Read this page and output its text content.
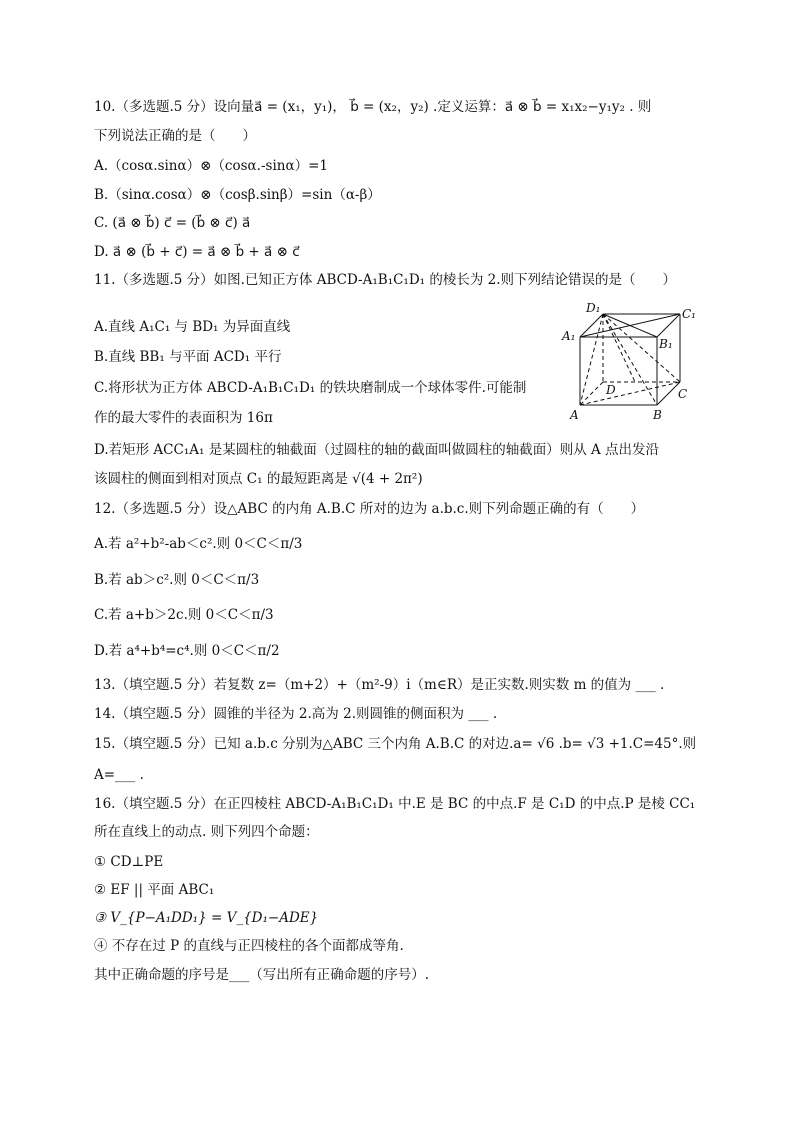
10.（多选题.5 分）设向量a⃗ = (x₁，y₁)， b⃗ = (x₂，y₂) .定义运算：a⃗ ⊗ b⃗ = x₁x₂−y₁y₂ . 则
下列说法正确的是（　　）
A.（cosα.sinα）⊗（cosα.-sinα）=1
B.（sinα.cosα）⊗（cosβ.sinβ）=sin（α-β）
C. (a⃗ ⊗ b⃗) c⃗ = (b⃗ ⊗ c⃗) a⃗
D. a⃗ ⊗ (b⃗ + c⃗) = a⃗ ⊗ b⃗ + a⃗ ⊗ c⃗
11.（多选题.5 分）如图.已知正方体 ABCD-A₁B₁C₁D₁ 的棱长为 2.则下列结论错误的是（　　）
A.直线 A₁C₁ 与 BD₁ 为异面直线
B.直线 BB₁ 与平面 ACD₁ 平行
C.将形状为正方体 ABCD-A₁B₁C₁D₁ 的铁块磨制成一个球体零件.可能制
作的最大零件的表面积为 16π
D.若矩形 ACC₁A₁ 是某圆柱的轴截面（过圆柱的轴的截面叫做圆柱的轴截面）则从 A 点出发沿
该圆柱的侧面到相对顶点 C₁ 的最短距离是 √(4 + 2π²)
D₁	C₁
A₁
B₁
D	C
A	B
12.（多选题.5 分）设△ABC 的内角 A.B.C 所对的边为 a.b.c.则下列命题正确的有（　　）
A.若 a²+b²-ab＜c².则 0＜C＜π/3
B.若 ab＞c².则 0＜C＜π/3
C.若 a+b＞2c.则 0＜C＜π/3
D.若 a⁴+b⁴=c⁴.则 0＜C＜π/2
13.（填空题.5 分）若复数 z=（m+2）+（m²-9）i（m∈R）是正实数.则实数 m 的值为 ___ .
14.（填空题.5 分）圆锥的半径为 2.高为 2.则圆锥的侧面积为 ___ .
15.（填空题.5 分）已知 a.b.c 分别为△ABC 三个内角 A.B.C 的对边.a= √6 .b= √3 +1.C=45°.则
A=___ .
16.（填空题.5 分）在正四棱柱 ABCD-A₁B₁C₁D₁ 中.E 是 BC 的中点.F 是 C₁D 的中点.P 是棱 CC₁
所在直线上的动点. 则下列四个命题：
① CD⊥PE
② EF || 平面 ABC₁
③ V_{P−A₁DD₁} = V_{D₁−ADE}
④ 不存在过 P 的直线与正四棱柱的各个面都成等角.
其中正确命题的序号是___（写出所有正确命题的序号）.
